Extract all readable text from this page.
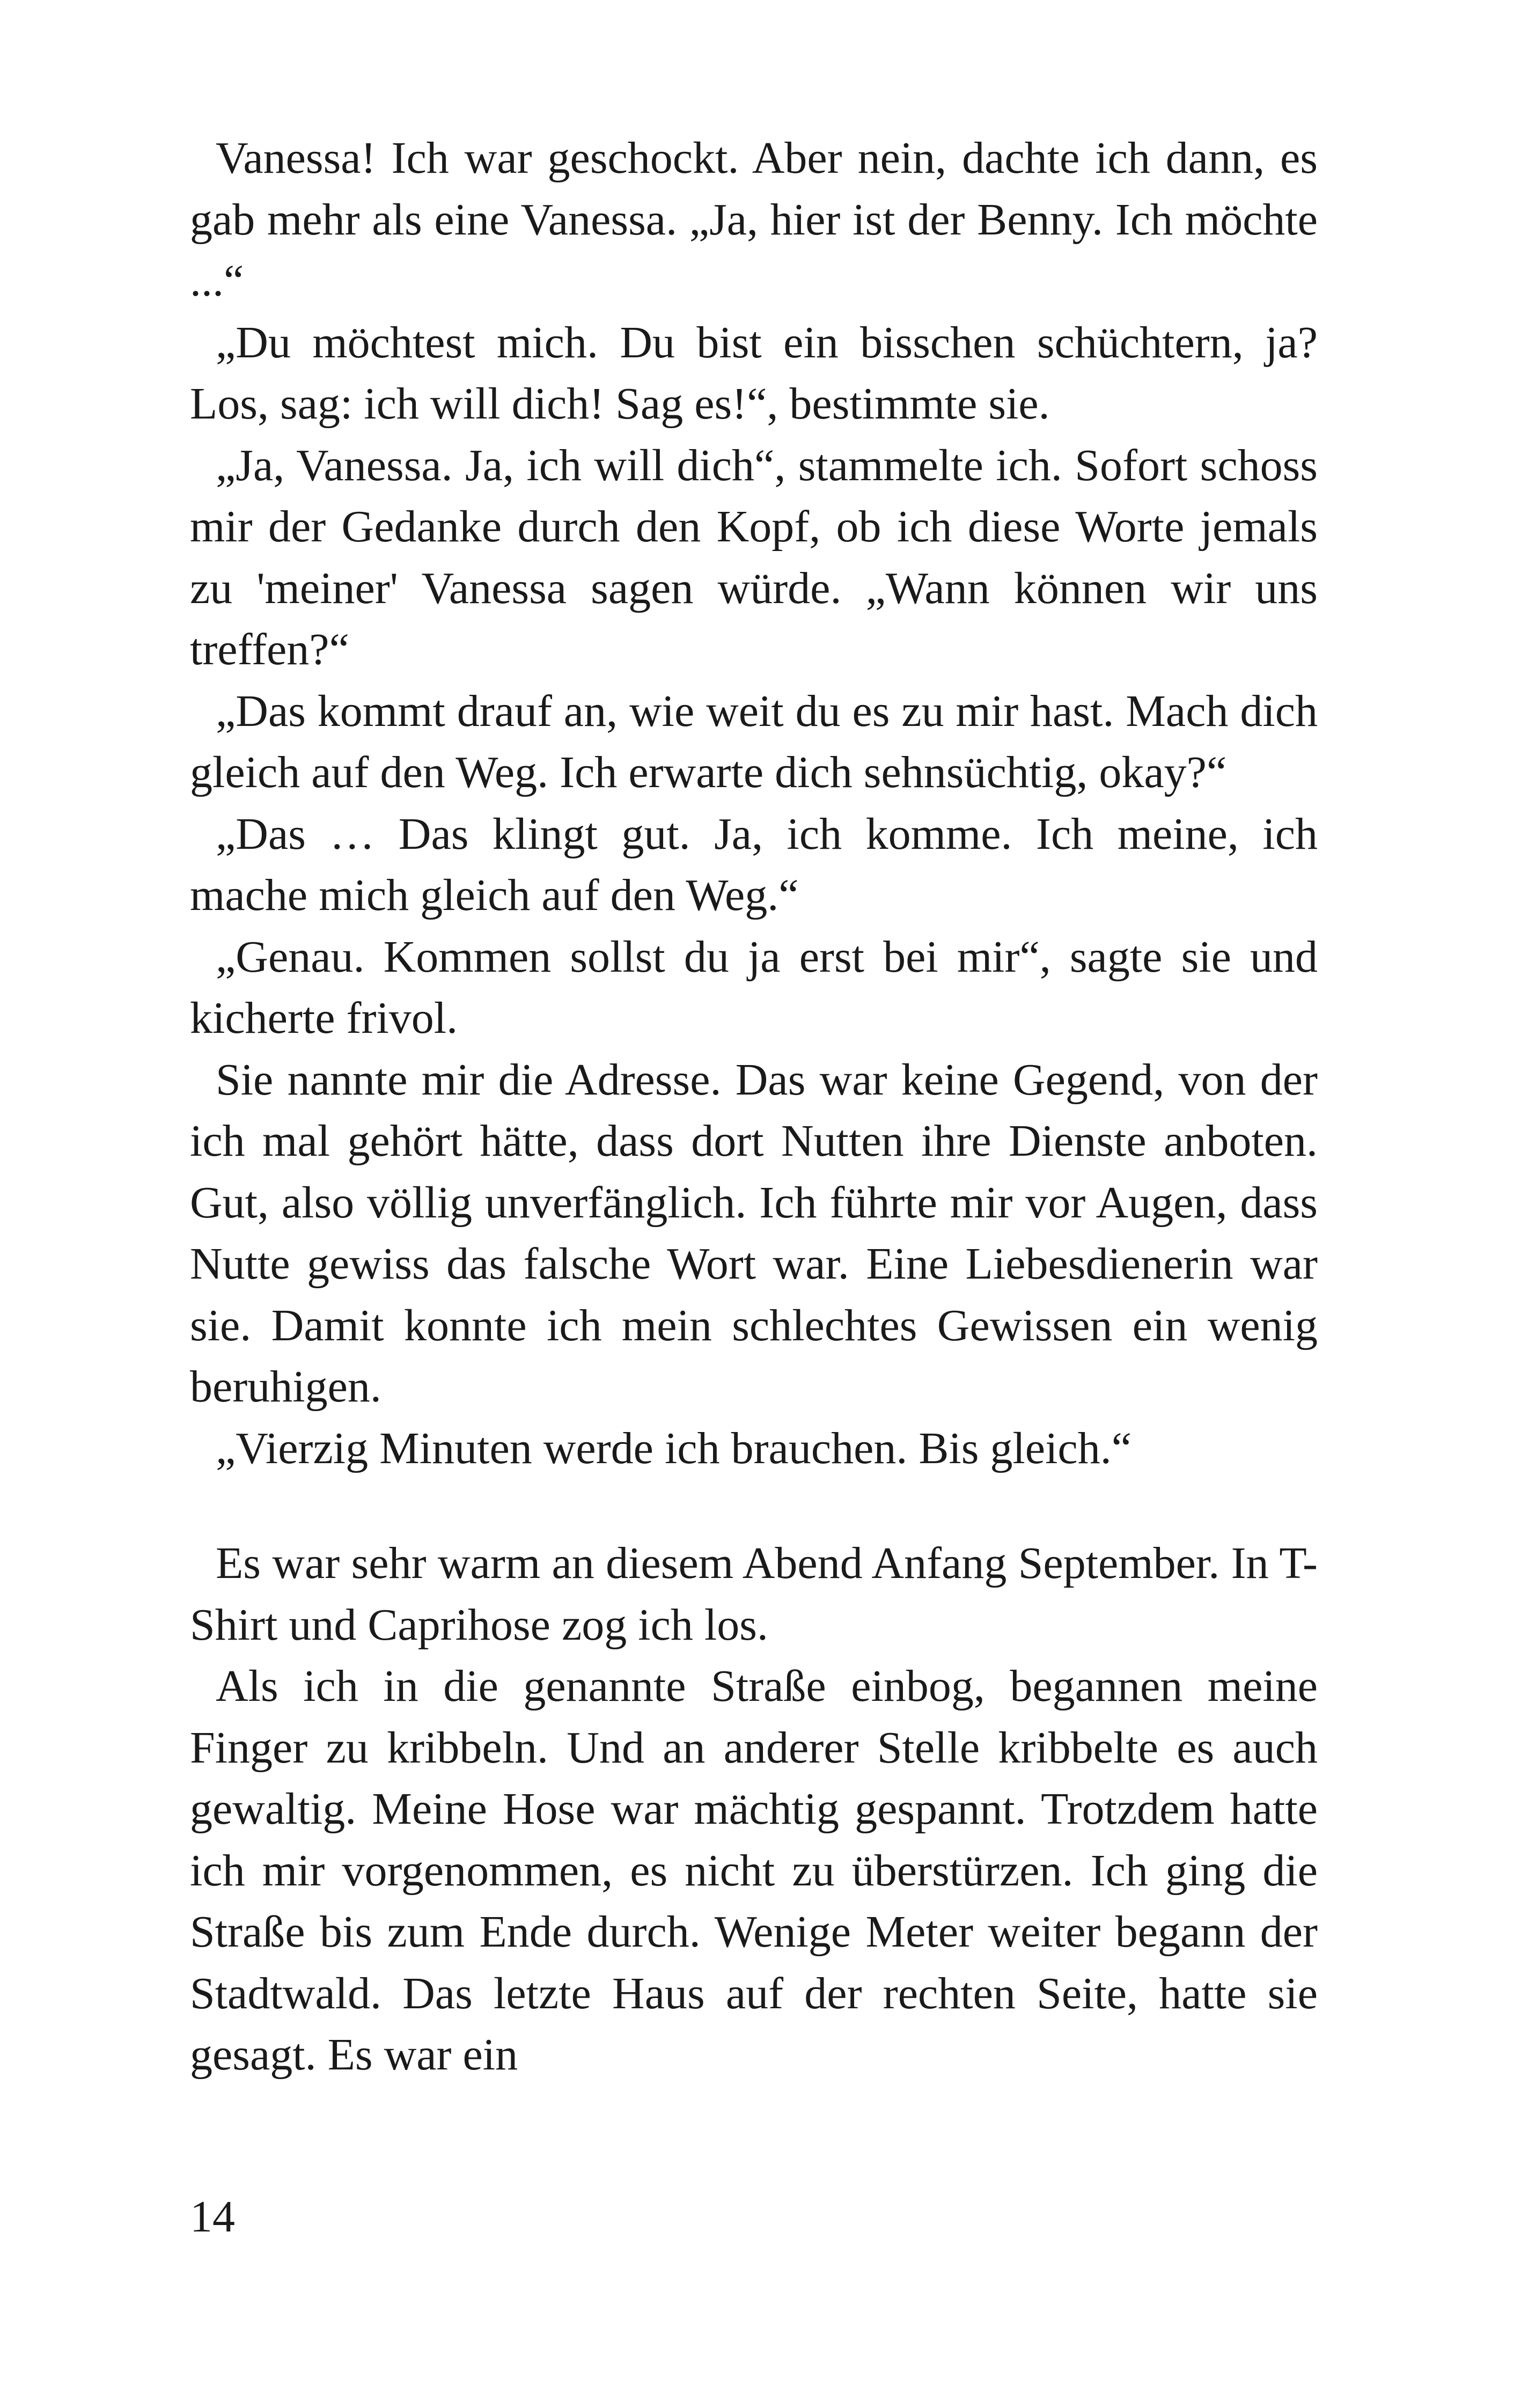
Vanessa! Ich war geschockt. Aber nein, dachte ich dann, es gab mehr als eine Vanessa. „Ja, hier ist der Benny. Ich möchte ...“

„Du möchtest mich. Du bist ein bisschen schüchtern, ja? Los, sag: ich will dich! Sag es!“, bestimmte sie.

„Ja, Vanessa. Ja, ich will dich“, stammelte ich. Sofort schoss mir der Gedanke durch den Kopf, ob ich diese Worte jemals zu 'meiner' Vanessa sagen würde. „Wann können wir uns treffen?“

„Das kommt drauf an, wie weit du es zu mir hast. Mach dich gleich auf den Weg. Ich erwarte dich sehnsüchtig, okay?“

„Das … Das klingt gut. Ja, ich komme. Ich meine, ich mache mich gleich auf den Weg.“

„Genau. Kommen sollst du ja erst bei mir“, sagte sie und kicherte frivol.

Sie nannte mir die Adresse. Das war keine Gegend, von der ich mal gehört hätte, dass dort Nutten ihre Dienste anboten. Gut, also völlig unverfänglich. Ich führte mir vor Augen, dass Nutte gewiss das falsche Wort war. Eine Liebesdienerin war sie. Damit konnte ich mein schlechtes Gewissen ein wenig beruhigen.

„Vierzig Minuten werde ich brauchen. Bis gleich.“

Es war sehr warm an diesem Abend Anfang September. In T-Shirt und Caprihose zog ich los.

Als ich in die genannte Straße einbog, begannen meine Finger zu kribbeln. Und an anderer Stelle kribbelte es auch gewaltig. Meine Hose war mächtig gespannt. Trotzdem hatte ich mir vorgenommen, es nicht zu überstürzen. Ich ging die Straße bis zum Ende durch. Wenige Meter weiter begann der Stadtwald. Das letzte Haus auf der rechten Seite, hatte sie gesagt. Es war ein

14
